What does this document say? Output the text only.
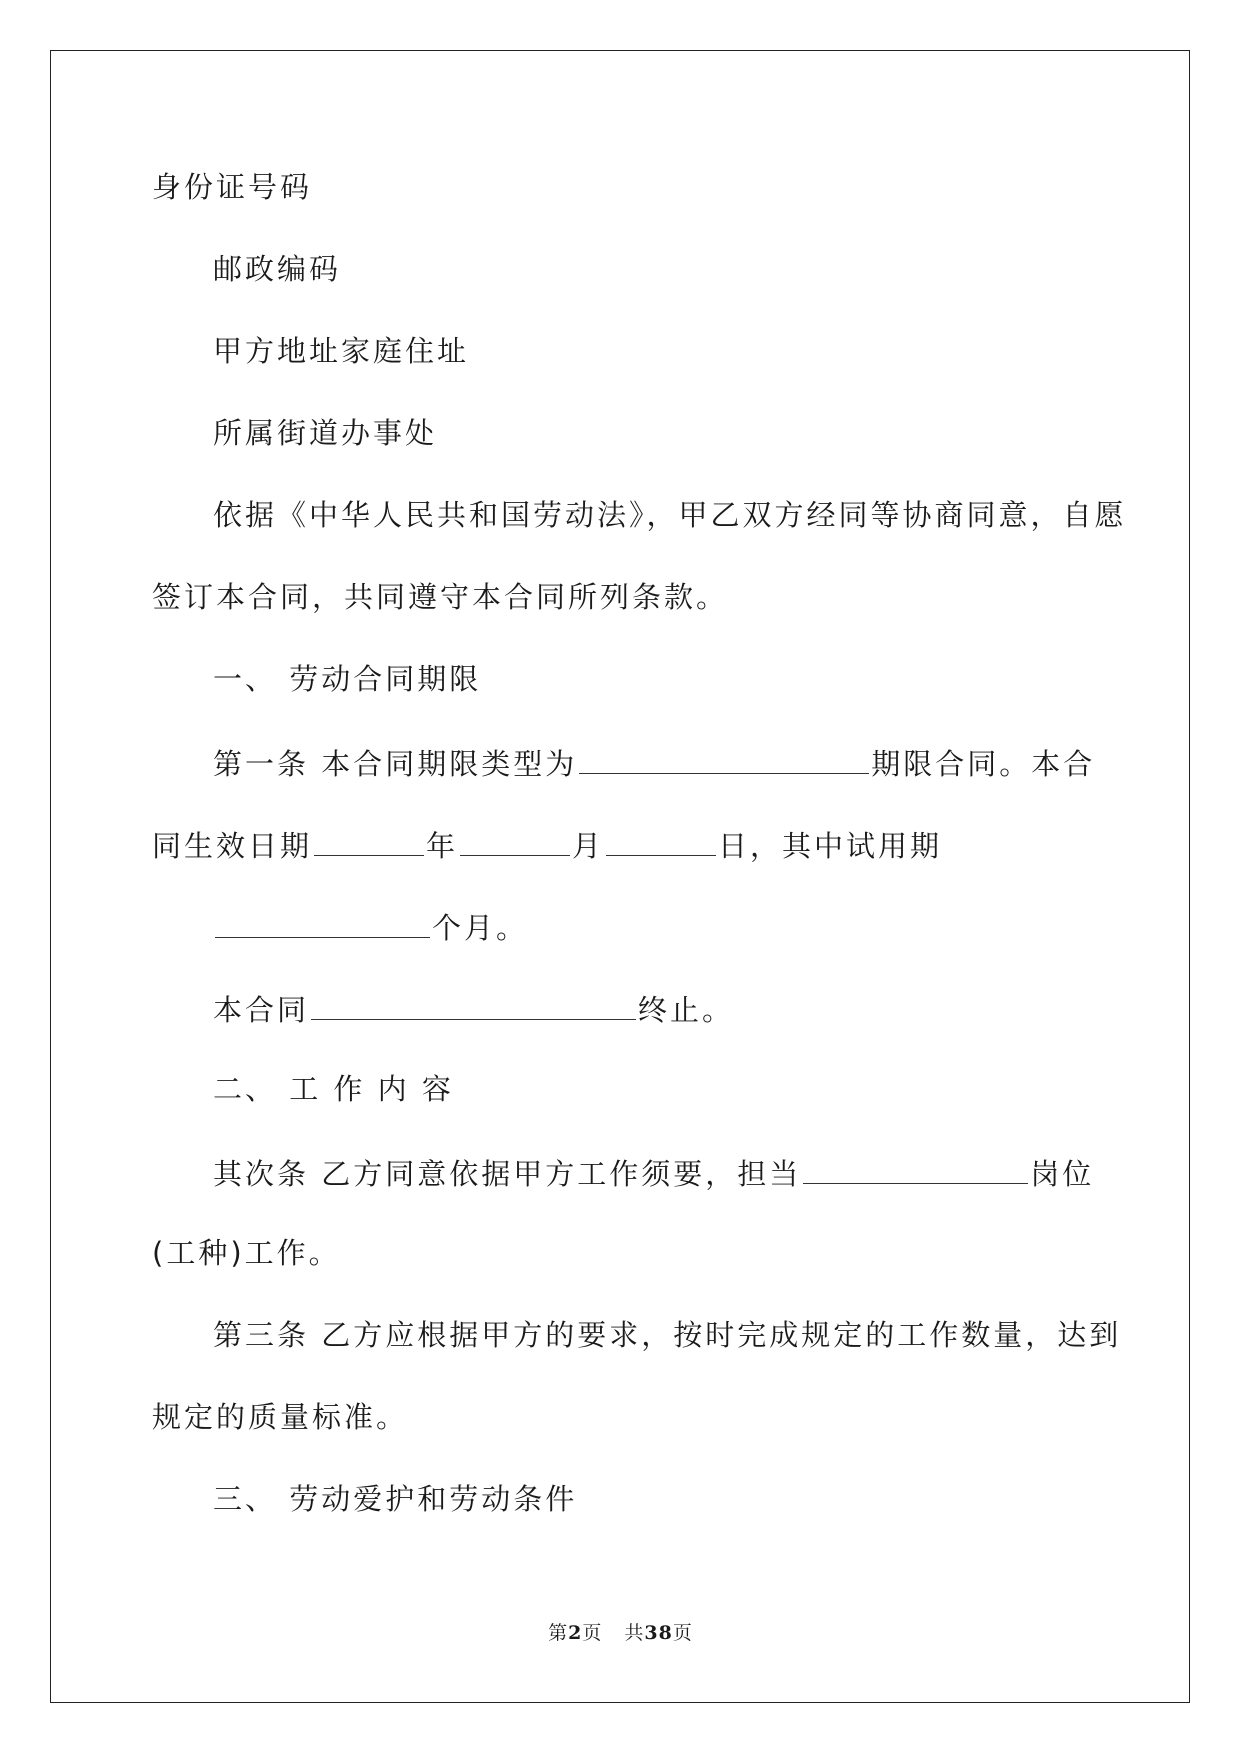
身份证号码
邮政编码
甲方地址家庭住址
所属街道办事处
依据《中华人民共和国劳动法》，甲乙双方经同等协商同意，自愿
签订本合同，共同遵守本合同所列条款。
一、 劳动合同期限
第一条 本合同期限类型为	期限合同。本合
同生效日期	年	月	日，其中试用期
个月。
本合同	终止。
二、 工 作 内 容
其次条 乙方同意依据甲方工作须要，担当	岗位
(工种)工作。
第三条 乙方应根据甲方的要求，按时完成规定的工作数量，达到
规定的质量标准。
三、 劳动爱护和劳动条件
第2页 共38页
